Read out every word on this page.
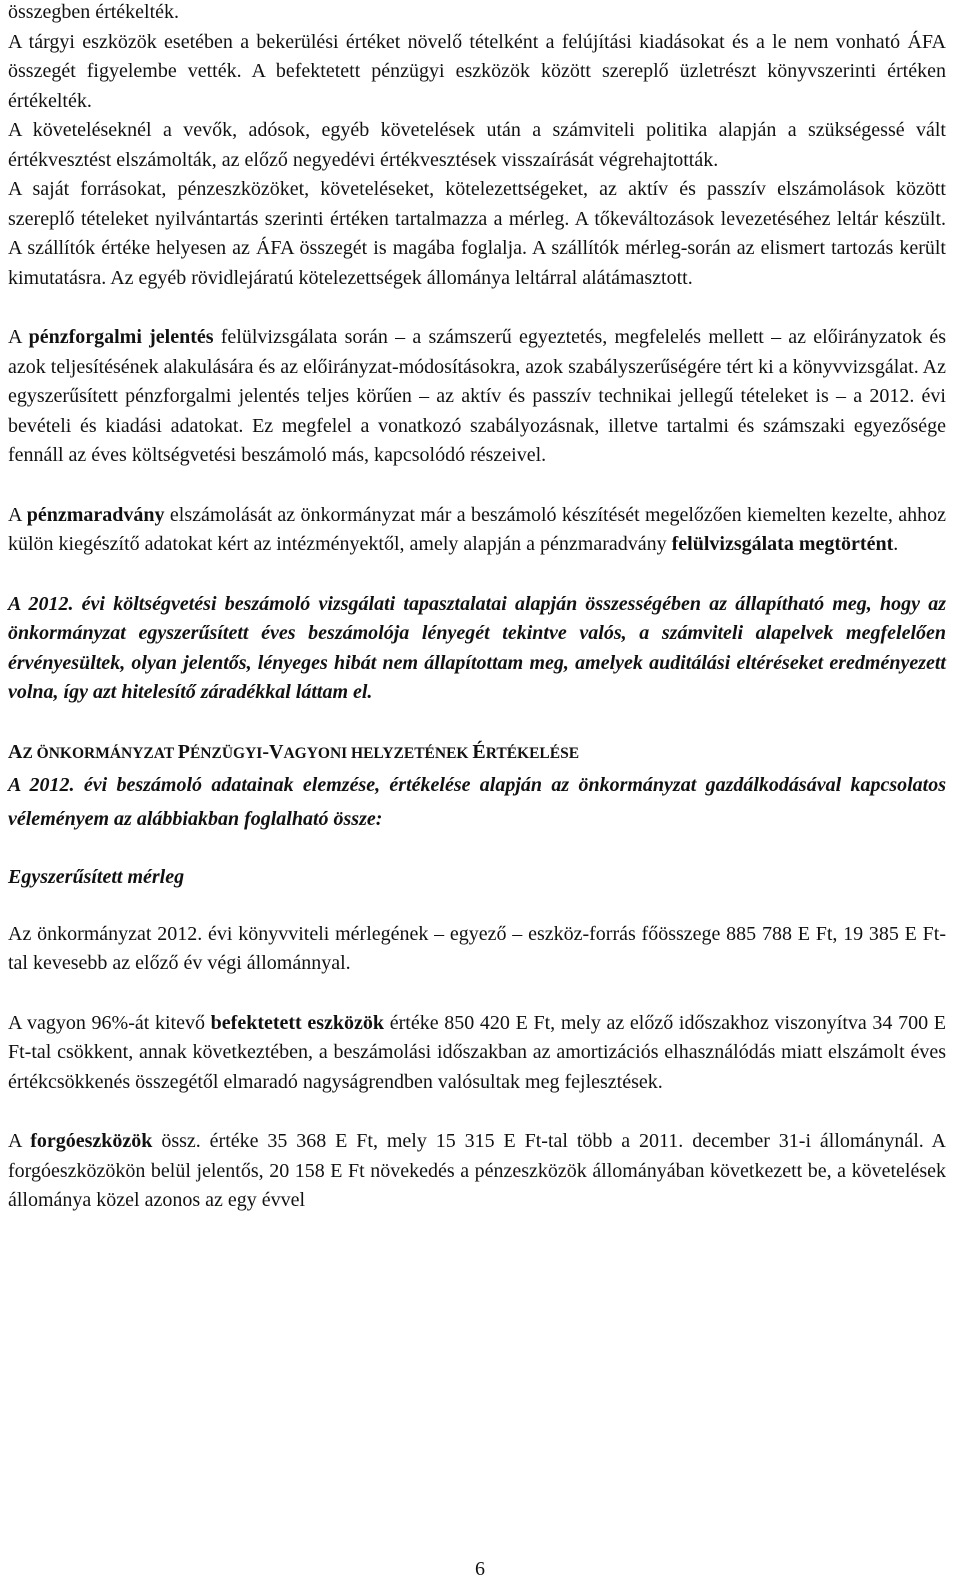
összegben értékelték.

A tárgyi eszközök esetében a bekerülési értéket növelő tételként a felújítási kiadásokat és a le nem vonható ÁFA összegét figyelembe vették. A befektetett pénzügyi eszközök között szereplő üzletrészt könyvszerinti értéken értékelték.

A követeléseknél a vevők, adósok, egyéb követelések után a számviteli politika alapján a szükségessé vált értékvesztést elszámolták, az előző negyedévi értékvesztések visszaírását végrehajtották.

A saját forrásokat, pénzeszközöket, követeléseket, kötelezettségeket, az aktív és passzív elszámolások között szereplő tételeket nyilvántartás szerinti értéken tartalmazza a mérleg. A tőkeváltozások levezetéséhez leltár készült. A szállítók értéke helyesen az ÁFA összegét is magába foglalja. A szállítók mérleg-során az elismert tartozás került kimutatásra. Az egyéb rövidlejáratú kötelezettségek állománya leltárral alátámasztott.

A pénzforgalmi jelentés felülvizsgálata során – a számszerű egyeztetés, megfelelés mellett – az előirányzatok és azok teljesítésének alakulására és az előirányzat-módosításokra, azok szabályszerűségére tért ki a könyvvizsgálat. Az egyszerűsített pénzforgalmi jelentés teljes körűen – az aktív és passzív technikai jellegű tételeket is – a 2012. évi bevételi és kiadási adatokat. Ez megfelel a vonatkozó szabályozásnak, illetve tartalmi és számszaki egyezősége fennáll az éves költségvetési beszámoló más, kapcsolódó részeivel.

A pénzmaradvány elszámolását az önkormányzat már a beszámoló készítését megelőzően kiemelten kezelte, ahhoz külön kiegészítő adatokat kért az intézményektől, amely alapján a pénzmaradvány felülvizsgálata megtörtént.

A 2012. évi költségvetési beszámoló vizsgálati tapasztalatai alapján összességében az állapítható meg, hogy az önkormányzat egyszerűsített éves beszámolója lényegét tekintve valós, a számviteli alapelvek megfelelően érvényesültek, olyan jelentős, lényeges hibát nem állapítottam meg, amelyek auditálási eltéréseket eredményezett volna, így azt hitelesítő záradékkal láttam el.

AZ ÖNKORMÁNYZAT PÉNZÜGYI-VAGYONI HELYZETÉNEK ÉRTÉKELÉSE

A 2012. évi beszámoló adatainak elemzése, értékelése alapján az önkormányzat gazdálkodásával kapcsolatos véleményem az alábbiakban foglalható össze:

Egyszerűsített mérleg

Az önkormányzat 2012. évi könyvviteli mérlegének – egyező – eszköz-forrás főösszege 885 788 E Ft, 19 385 E Ft-tal kevesebb az előző év végi állománnyal.

A vagyon 96%-át kitevő befektetett eszközök értéke 850 420 E Ft, mely az előző időszakhoz viszonyítva 34 700 E Ft-tal csökkent, annak következtében, a beszámolási időszakban az amortizációs elhasználódás miatt elszámolt éves értékcsökkenés összegétől elmaradó nagyságrendben valósultak meg fejlesztések.

A forgóeszközök össz. értéke 35 368 E Ft, mely 15 315 E Ft-tal több a 2011. december 31-i állománynál. A forgóeszközökön belül jelentős, 20 158 E Ft növekedés a pénzeszközök állományában következett be, a követelések állománya közel azonos az egy évvel

6
